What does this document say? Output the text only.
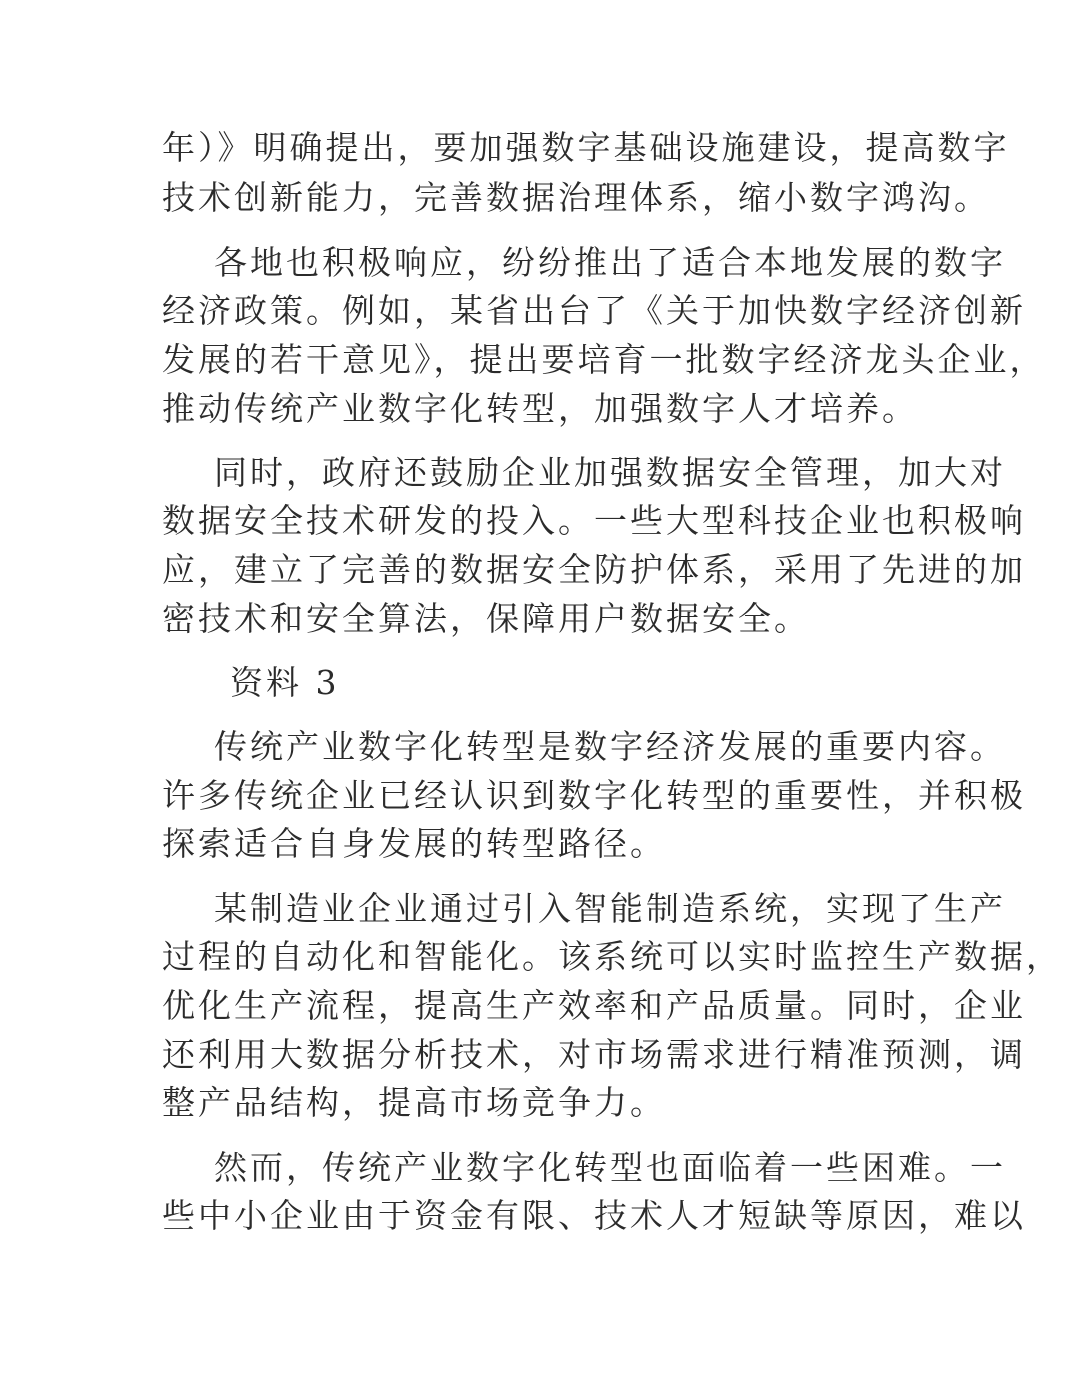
年）》明确提出，要加强数字基础设施建设，提高数字
技术创新能力，完善数据治理体系，缩小数字鸿沟。
各地也积极响应，纷纷推出了适合本地发展的数字
经济政策。例如，某省出台了《关于加快数字经济创新
发展的若干意见》，提出要培育一批数字经济龙头企业，
推动传统产业数字化转型，加强数字人才培养。
同时，政府还鼓励企业加强数据安全管理，加大对
数据安全技术研发的投入。一些大型科技企业也积极响
应，建立了完善的数据安全防护体系，采用了先进的加
密技术和安全算法，保障用户数据安全。
资料 3
传统产业数字化转型是数字经济发展的重要内容。
许多传统企业已经认识到数字化转型的重要性，并积极
探索适合自身发展的转型路径。
某制造业企业通过引入智能制造系统，实现了生产
过程的自动化和智能化。该系统可以实时监控生产数据，
优化生产流程，提高生产效率和产品质量。同时，企业
还利用大数据分析技术，对市场需求进行精准预测，调
整产品结构，提高市场竞争力。
然而，传统产业数字化转型也面临着一些困难。一
些中小企业由于资金有限、技术人才短缺等原因，难以
